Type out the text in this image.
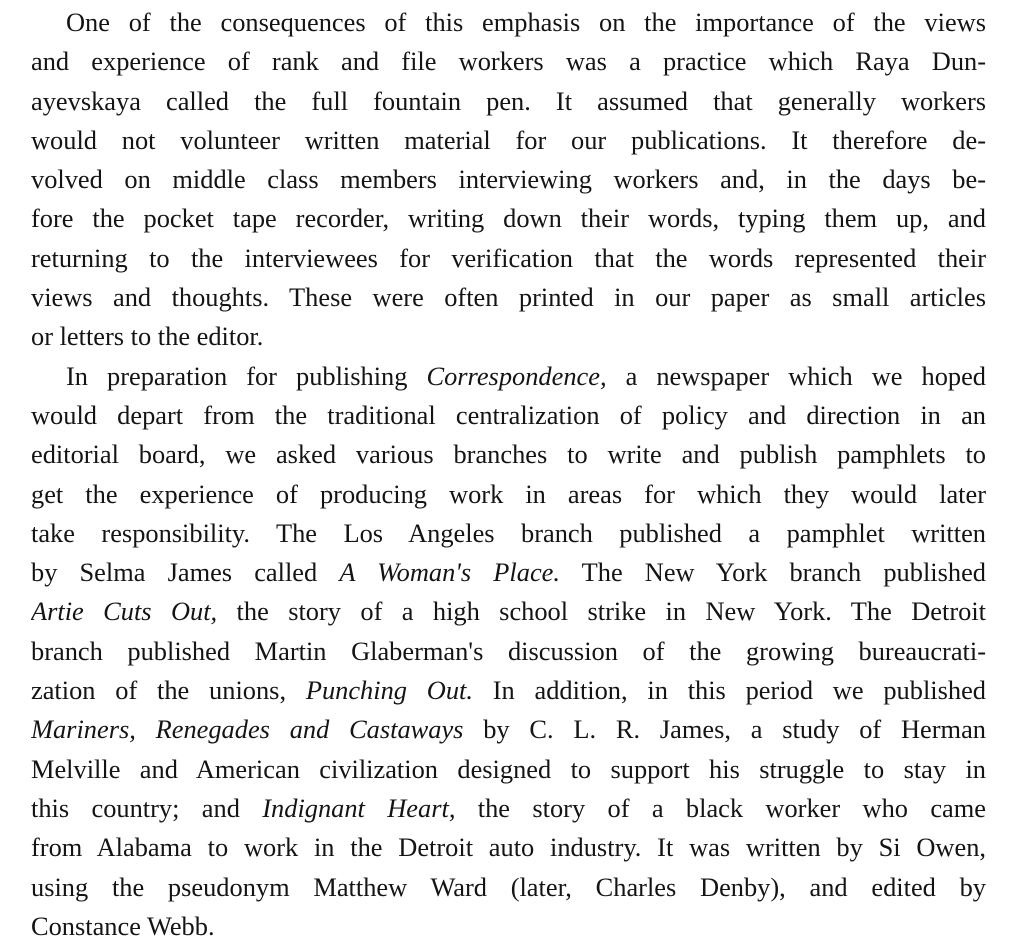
One of the consequences of this emphasis on the importance of the views
and experience of rank and file workers was a practice which Raya Dun-
ayevskaya called the full fountain pen. It assumed that generally workers
would not volunteer written material for our publications. It therefore de-
volved on middle class members interviewing workers and, in the days be-
fore the pocket tape recorder, writing down their words, typing them up, and
returning to the interviewees for verification that the words represented their
views and thoughts. These were often printed in our paper as small articles
or letters to the editor.
In preparation for publishing Correspondence, a newspaper which we hoped
would depart from the traditional centralization of policy and direction in an
editorial board, we asked various branches to write and publish pamphlets to
get the experience of producing work in areas for which they would later
take responsibility. The Los Angeles branch published a pamphlet written
by Selma James called A Woman's Place. The New York branch published
Artie Cuts Out, the story of a high school strike in New York. The Detroit
branch published Martin Glaberman's discussion of the growing bureaucrati-
zation of the unions, Punching Out. In addition, in this period we published
Mariners, Renegades and Castaways by C. L. R. James, a study of Herman
Melville and American civilization designed to support his struggle to stay in
this country; and Indignant Heart, the story of a black worker who came
from Alabama to work in the Detroit auto industry. It was written by Si Owen,
using the pseudonym Matthew Ward (later, Charles Denby), and edited by
Constance Webb.
